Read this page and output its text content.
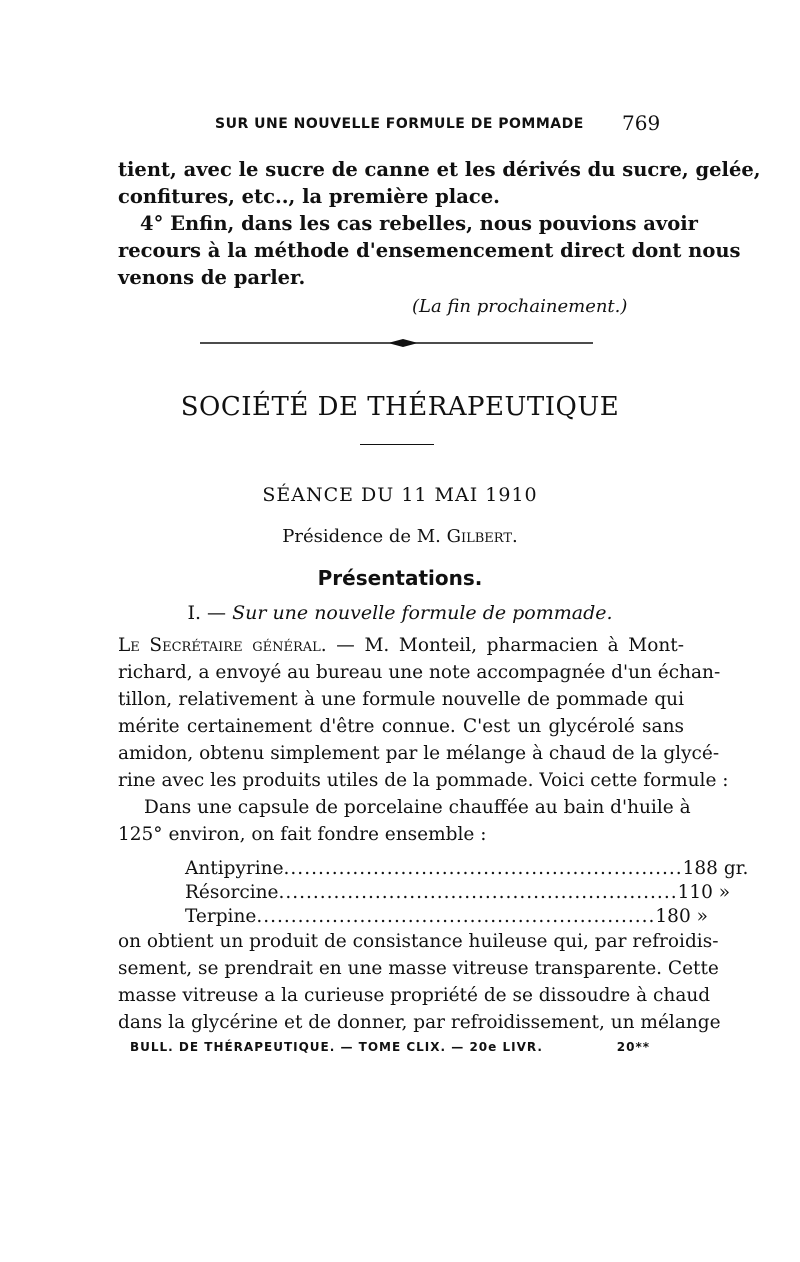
SUR UNE NOUVELLE FORMULE DE POMMADE 769
tient, avec le sucre de canne et les dérivés du sucre, gelée,
confitures, etc.., la première place.
4° Enfin, dans les cas rebelles, nous pouvions avoir
recours à la méthode d'ensemencement direct dont nous
venons de parler.
(La fin prochainement.)
SOCIÉTÉ DE THÉRAPEUTIQUE
SÉANCE DU 11 MAI 1910
Présidence de M. Gilbert.
Présentations.
I. — Sur une nouvelle formule de pommade.
Le Secrétaire général. — M. Monteil, pharmacien à Mont-
richard, a envoyé au bureau une note accompagnée d'un échan-
tillon, relativement à une formule nouvelle de pommade qui
mérite certainement d'être connue. C'est un glycérolé sans
amidon, obtenu simplement par le mélange à chaud de la glycé-
rine avec les produits utiles de la pommade. Voici cette formule :
Dans une capsule de porcelaine chauffée au bain d'huile à
125° environ, on fait fondre ensemble :
Antipyrine .......................................................... 188 gr.
Résorcine .......................................................... 110 »
Terpine .......................................................... 180 »
on obtient un produit de consistance huileuse qui, par refroidis-
sement, se prendrait en une masse vitreuse transparente. Cette
masse vitreuse a la curieuse propriété de se dissoudre à chaud
dans la glycérine et de donner, par refroidissement, un mélange
BULL. DE THÉRAPEUTIQUE. — TOME CLIX. — 20e LIVR.	20**
